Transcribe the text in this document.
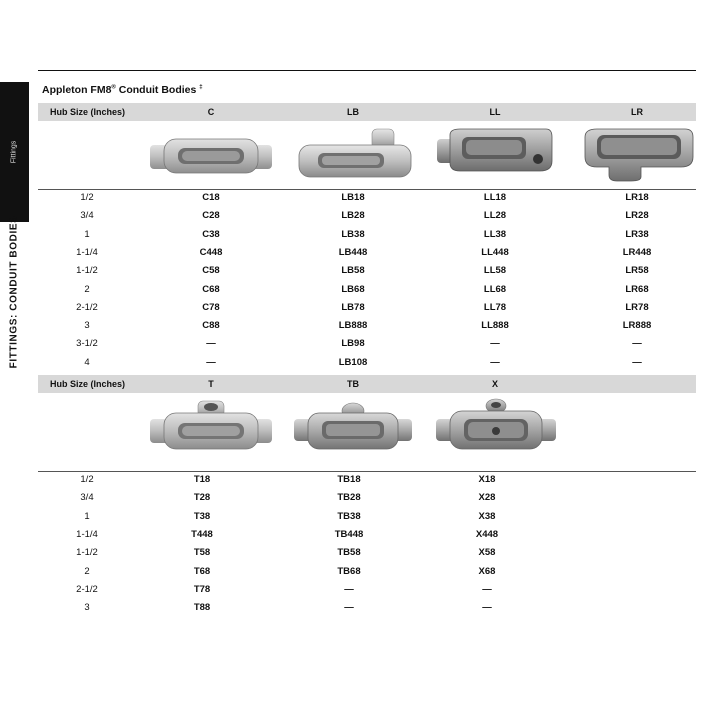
Fittings
FITTINGS: CONDUIT BODIES
Appleton FM8® Conduit Bodies ‡
Hub Size (Inches)	C	LB	LL	LR
1/2	C18	LB18	LL18	LR18
3/4	C28	LB28	LL28	LR28
1	C38	LB38	LL38	LR38
1-1/4	C448	LB448	LL448	LR448
1-1/2	C58	LB58	LL58	LR58
2	C68	LB68	LL68	LR68
2-1/2	C78	LB78	LL78	LR78
3	C88	LB888	LL888	LR888
3-1/2	—	LB98	—	—
4	—	LB108	—	—
Hub Size (Inches)	T	TB	X
1/2	T18	TB18	X18
3/4	T28	TB28	X28
1	T38	TB38	X38
1-1/4	T448	TB448	X448
1-1/2	T58	TB58	X58
2	T68	TB68	X68
2-1/2	T78	—	—
3	T88	—	—
